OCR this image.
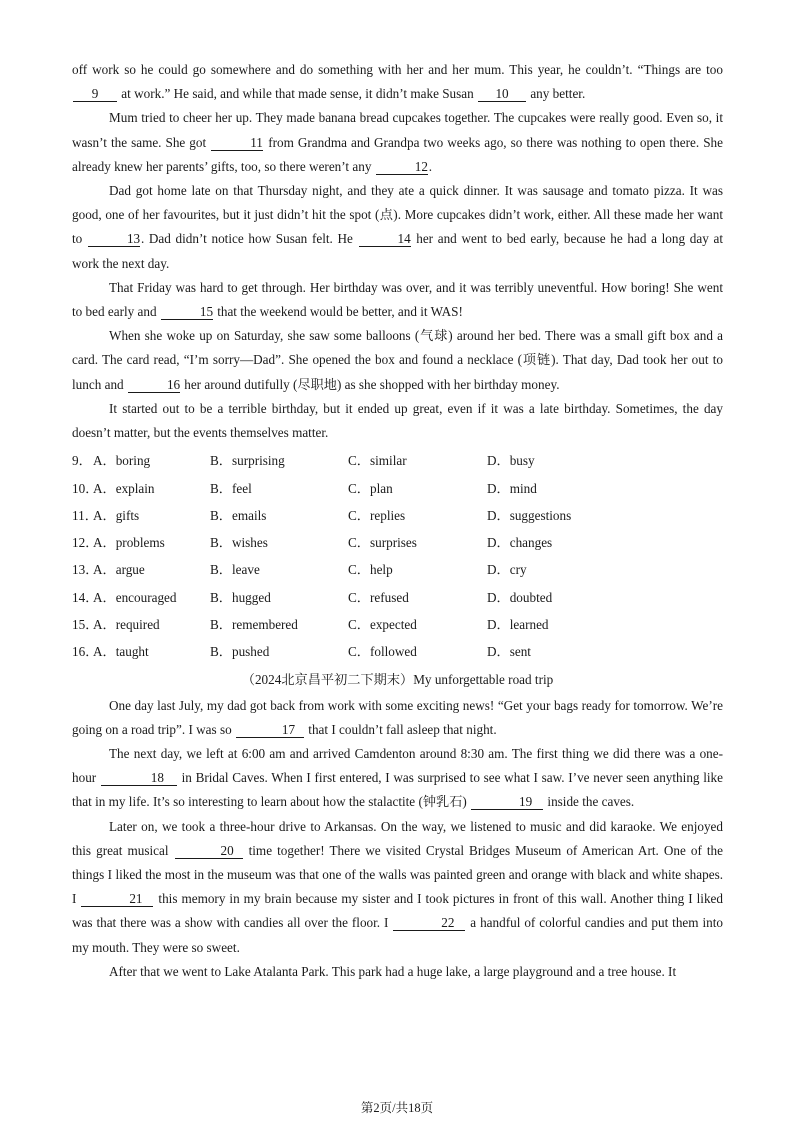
off work so he could go somewhere and do something with her and her mum. This year, he couldn’t. “Things are too 9 at work.” He said, and while that made sense, it didn’t make Susan 10 any better.

Mum tried to cheer her up. They made banana bread cupcakes together. The cupcakes were really good. Even so, it wasn’t the same. She got	11 from Grandma and Grandpa two weeks ago, so there was nothing to open there. She already knew her parents’ gifts, too, so there weren’t any	12.

Dad got home late on that Thursday night, and they ate a quick dinner. It was sausage and tomato pizza. It was good, one of her favourites, but it just didn’t hit the spot (点). More cupcakes didn’t work, either. All these made her want to	13. Dad didn’t notice how Susan felt. He	14 her and went to bed early, because he had a long day at work the next day.

That Friday was hard to get through. Her birthday was over, and it was terribly uneventful. How boring! She went to bed early and	15 that the weekend would be better, and it WAS!

When she woke up on Saturday, she saw some balloons (气球) around her bed. There was a small gift box and a card. The card read, “I’m sorry—Dad”. She opened the box and found a necklace (项链). That day, Dad took her out to lunch and	16 her around dutifully (尽职地) as she shopped with her birthday money.

It started out to be a terrible birthday, but it ended up great, even if it was a late birthday. Sometimes, the day doesn’t matter, but the events themselves matter.

9． A．boring	B．surprising	C．similar	D．busy
10．
A．explain	B．feel	C．plan	D．mind
11．
A．gifts	B．emails	C．replies	D．suggestions
12．
A．problems	B．wishes	C．surprises	D．changes
13．
A．argue	B．leave	C．help	D．cry
14．
A．encouraged	B．hugged	C．refused	D．doubted
15．
A．required	B．remembered	C．expected	D．learned
16．
A．taught	B．pushed	C．followed	D．sent

（2024北京昌平初二下期末）My unforgettable road trip

One day last July, my dad got back from work with some exciting news! “Get your bags ready for tomorrow. We’re going on a road trip”. I was so	17 that I couldn’t fall asleep that night.

The next day, we left at 6:00 am and arrived Camdenton around 8:30 am. The first thing we did there was a one-hour	18 in Bridal Caves. When I first entered, I was surprised to see what I saw. I’ve never seen anything like that in my life. It’s so interesting to learn about how the stalactite (钟乳石)	19 inside the caves.

Later on, we took a three-hour drive to Arkansas. On the way, we listened to music and did karaoke. We enjoyed this great musical	20 time together! There we visited Crystal Bridges Museum of American Art. One of the things I liked the most in the museum was that one of the walls was painted green and orange with black and white shapes. I	21 this memory in my brain because my sister and I took pictures in front of this wall. Another thing I liked was that there was a show with candies all over the floor. I	22 a handful of colorful candies and put them into my mouth. They were so sweet.

After that we went to Lake Atalanta Park. This park had a huge lake, a large playground and a tree house. It

第2页/共18页
